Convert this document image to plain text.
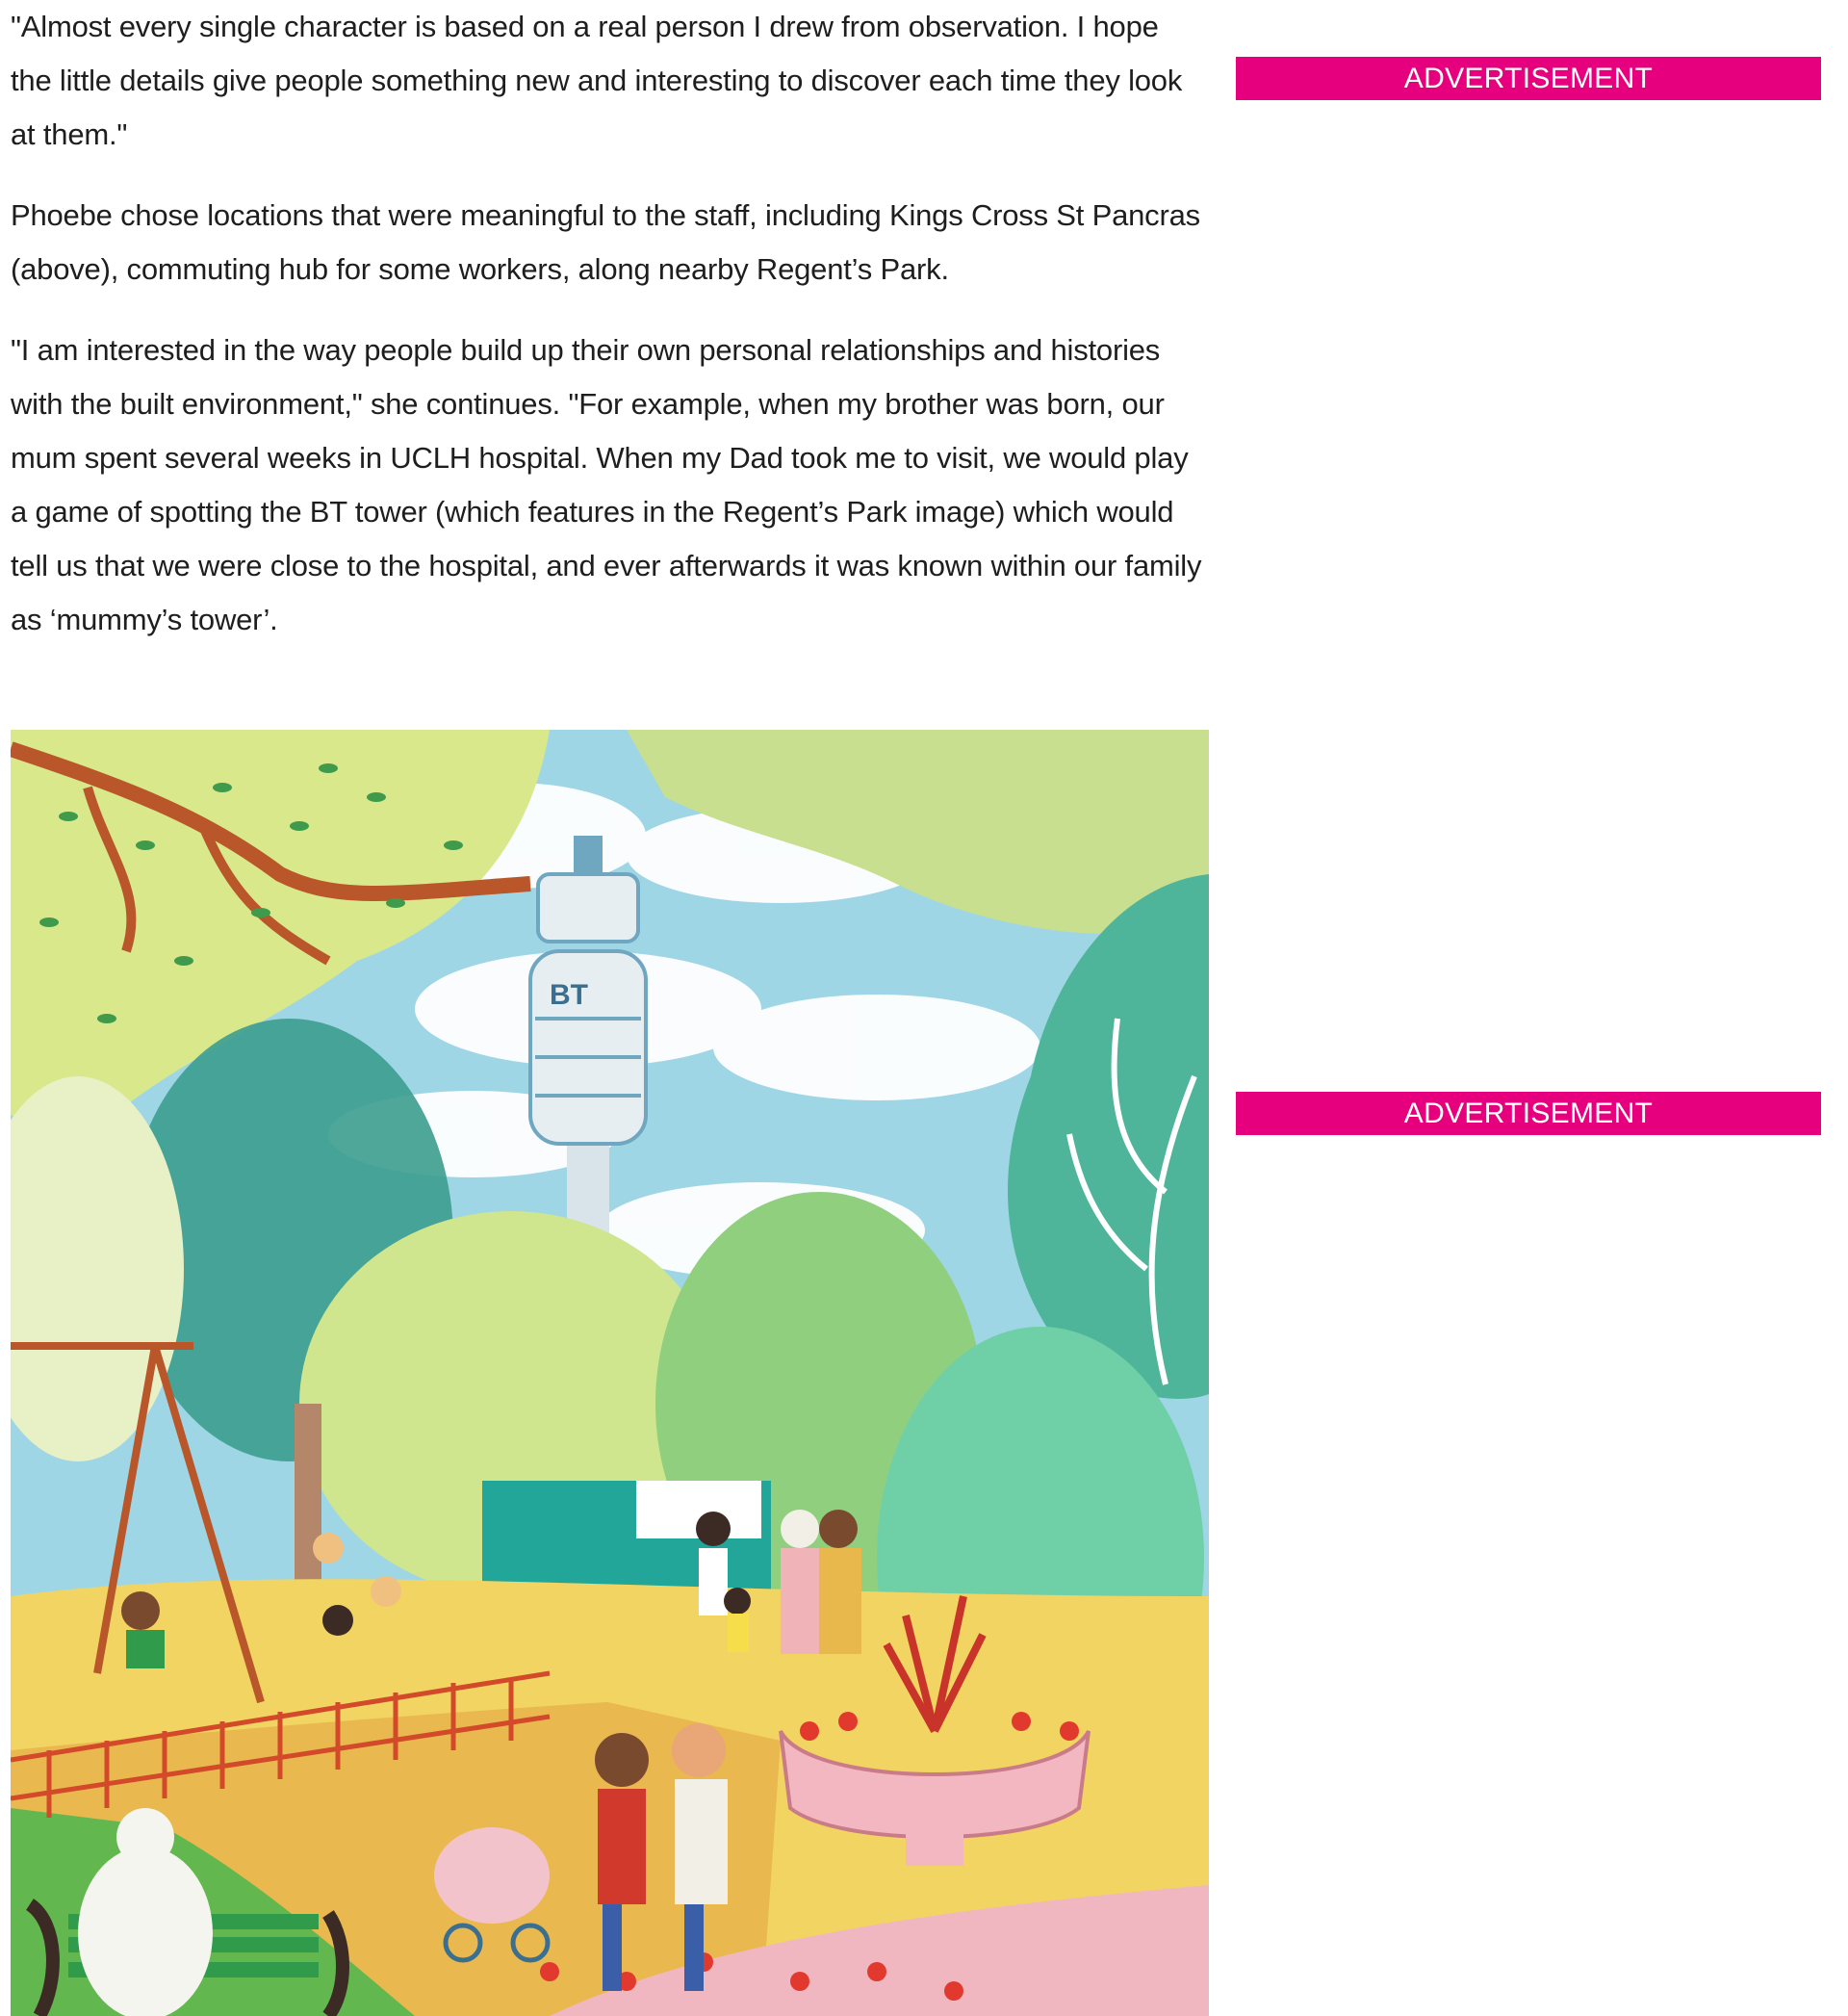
"Almost every single character is based on a real person I drew from observation. I hope the little details give people something new and interesting to discover each time they look at them."

Phoebe chose locations that were meaningful to the staff, including Kings Cross St Pancras (above), commuting hub for some workers, along nearby Regent’s Park.

"I am interested in the way people build up their own personal relationships and histories with the built environment," she continues. "For example, when my brother was born, our mum spent several weeks in UCLH hospital. When my Dad took me to visit, we would play a game of spotting the BT tower (which features in the Regent’s Park image) which would tell us that we were close to the hospital, and ever afterwards it was known within our family as ‘mummy’s tower’.

BT
ADVERTISEMENT
ADVERTISEMENT
